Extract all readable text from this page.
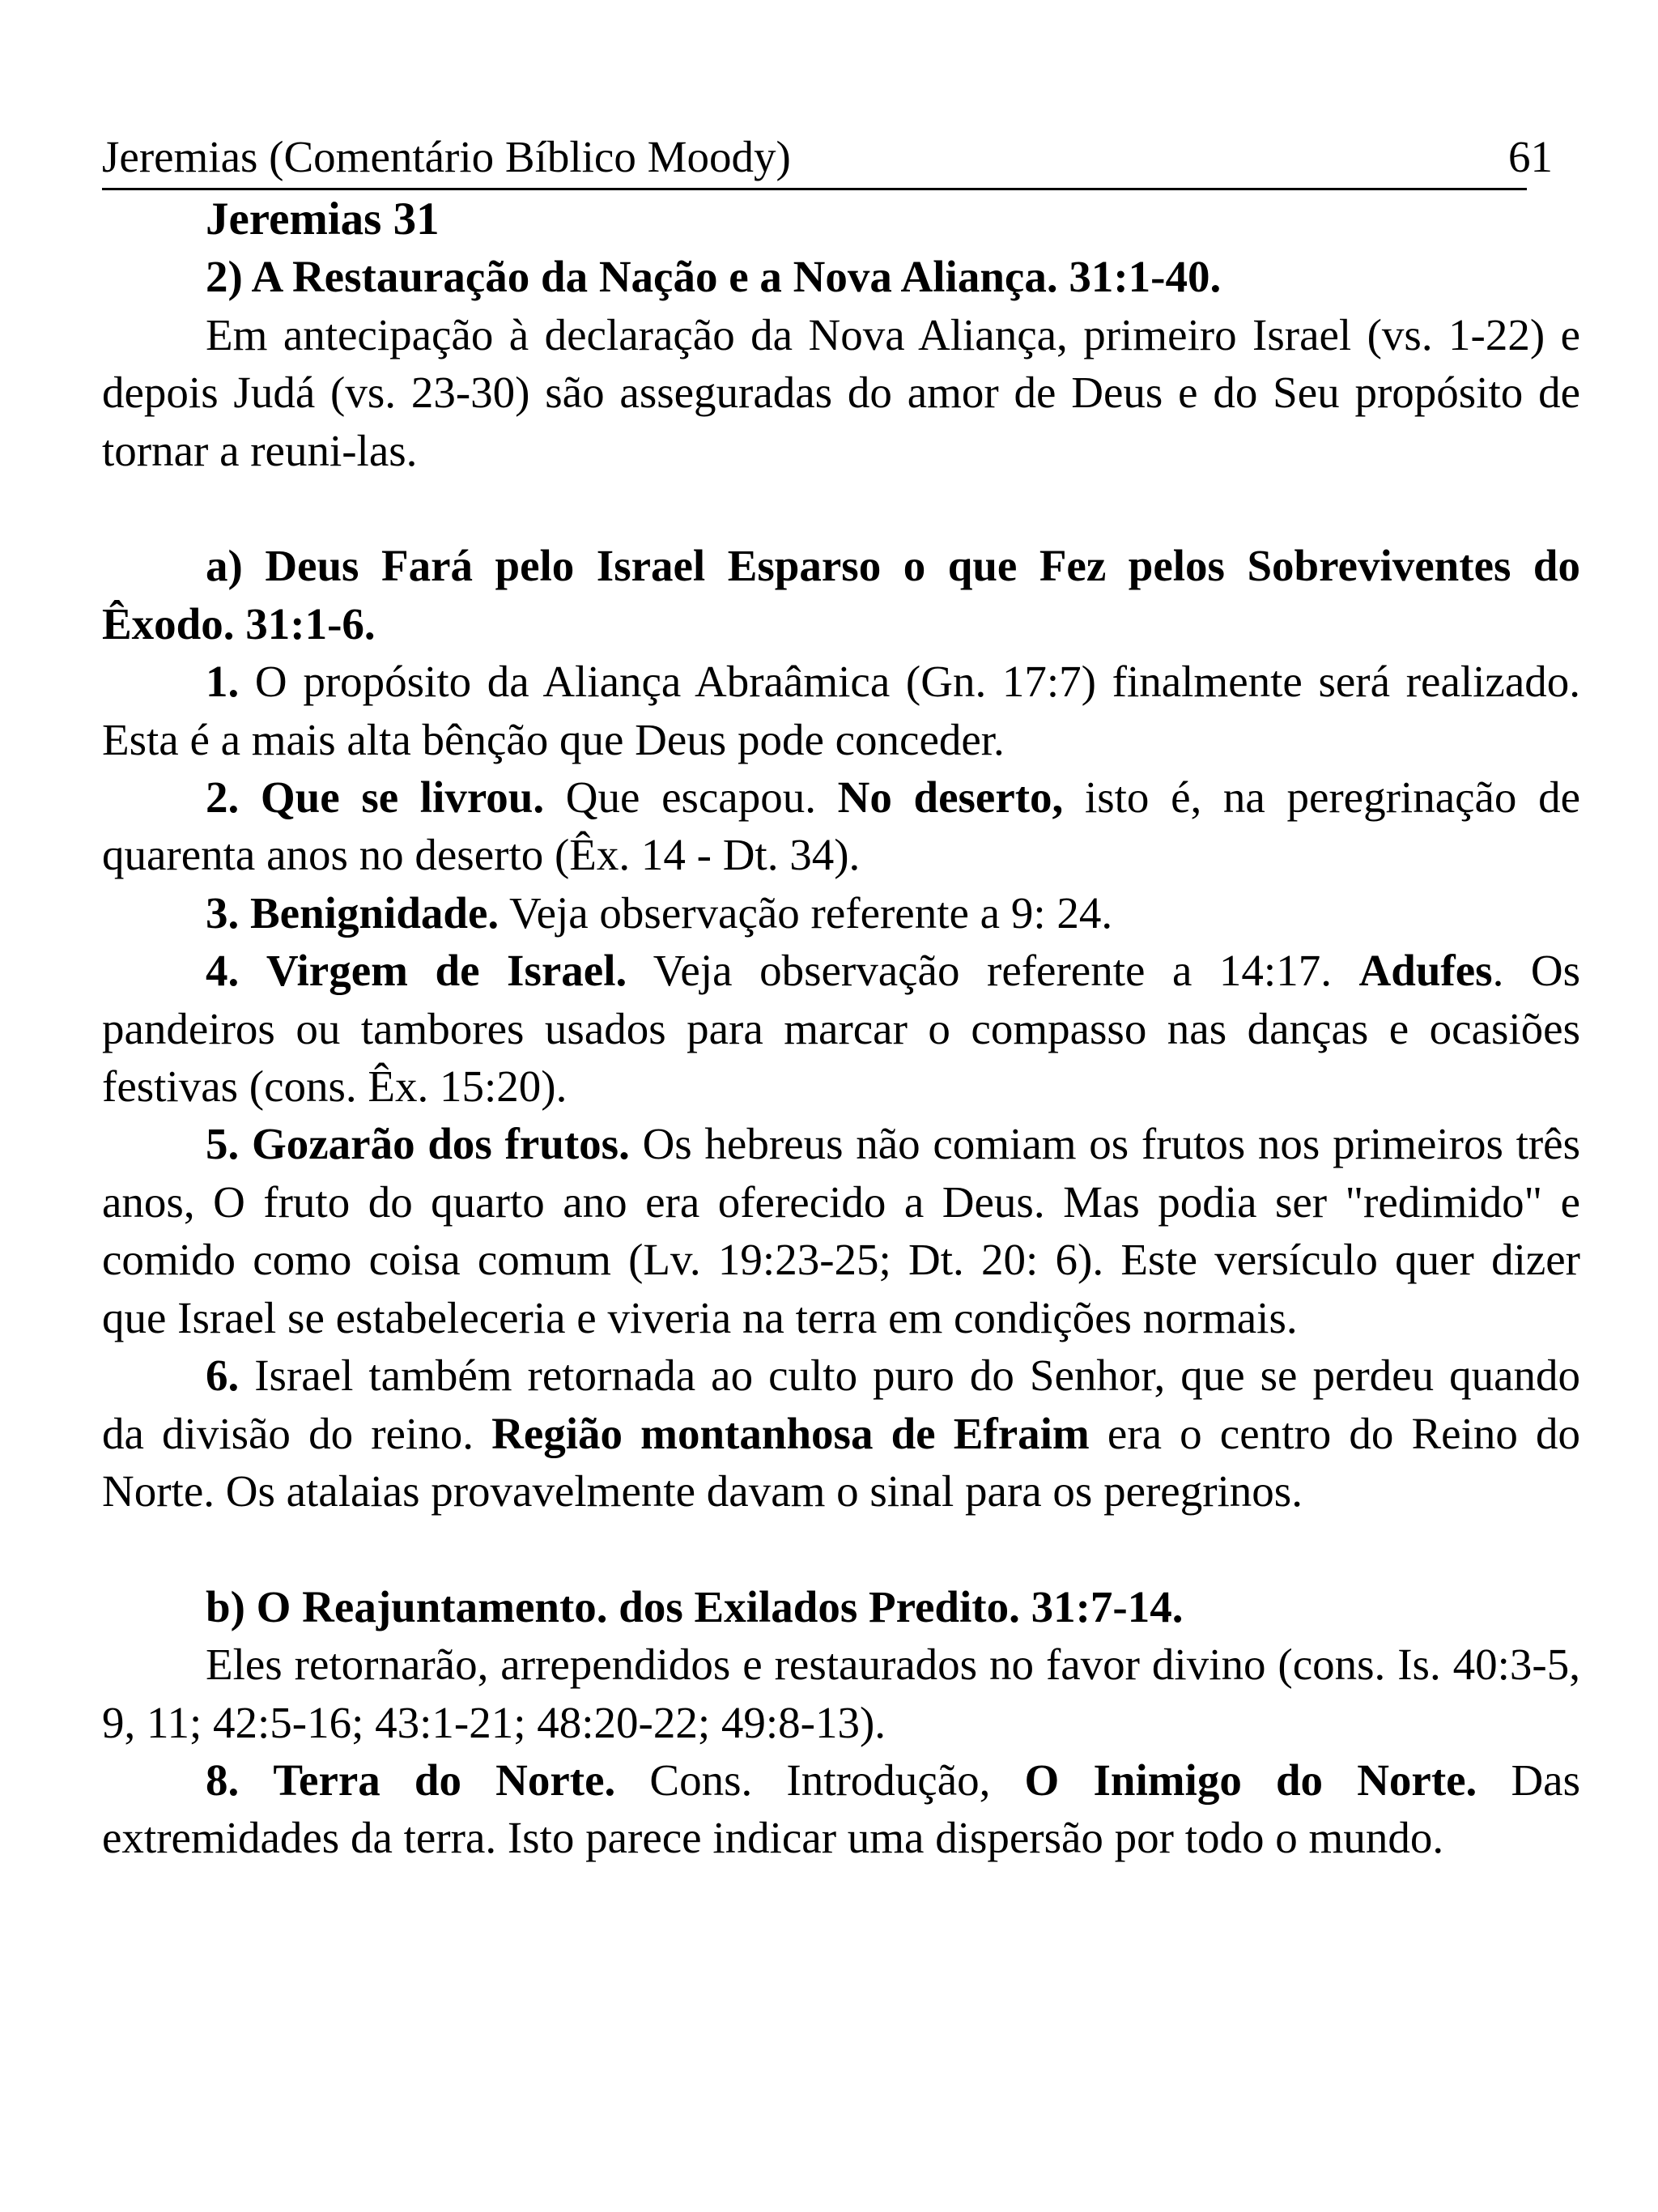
Jeremias (Comentário Bíblico Moody)	61
Jeremias 31
2) A Restauração da Nação e a Nova Aliança. 31:1-40.

Em antecipação à declaração da Nova Aliança, primeiro Israel (vs. 1-22) e depois Judá (vs. 23-30) são asseguradas do amor de Deus e do Seu propósito de tornar a reuni-las.

a) Deus Fará pelo Israel Esparso o que Fez pelos Sobreviventes do Êxodo. 31:1-6.

1. O propósito da Aliança Abraâmica (Gn. 17:7) finalmente será realizado. Esta é a mais alta bênção que Deus pode conceder.

2. Que se livrou. Que escapou. No deserto, isto é, na peregrinação de quarenta anos no deserto (Êx. 14 - Dt. 34).

3. Benignidade. Veja observação referente a 9: 24.

4. Virgem de Israel. Veja observação referente a 14:17. Adufes. Os pandeiros ou tambores usados para marcar o compasso nas danças e ocasiões festivas (cons. Êx. 15:20).

5. Gozarão dos frutos. Os hebreus não comiam os frutos nos primeiros três anos, O fruto do quarto ano era oferecido a Deus. Mas podia ser "redimido" e comido como coisa comum (Lv. 19:23-25; Dt. 20: 6). Este versículo quer dizer que Israel se estabeleceria e viveria na terra em condições normais.

6. Israel também retornada ao culto puro do Senhor, que se perdeu quando da divisão do reino. Região montanhosa de Efraim era o centro do Reino do Norte. Os atalaias provavelmente davam o sinal para os peregrinos.

b) O Reajuntamento. dos Exilados Predito. 31:7-14.

Eles retornarão, arrependidos e restaurados no favor divino (cons. Is. 40:3-5, 9, 11; 42:5-16; 43:1-21; 48:20-22; 49:8-13).

8. Terra do Norte. Cons. Introdução, O Inimigo do Norte. Das extremidades da terra. Isto parece indicar uma dispersão por todo o mundo.
